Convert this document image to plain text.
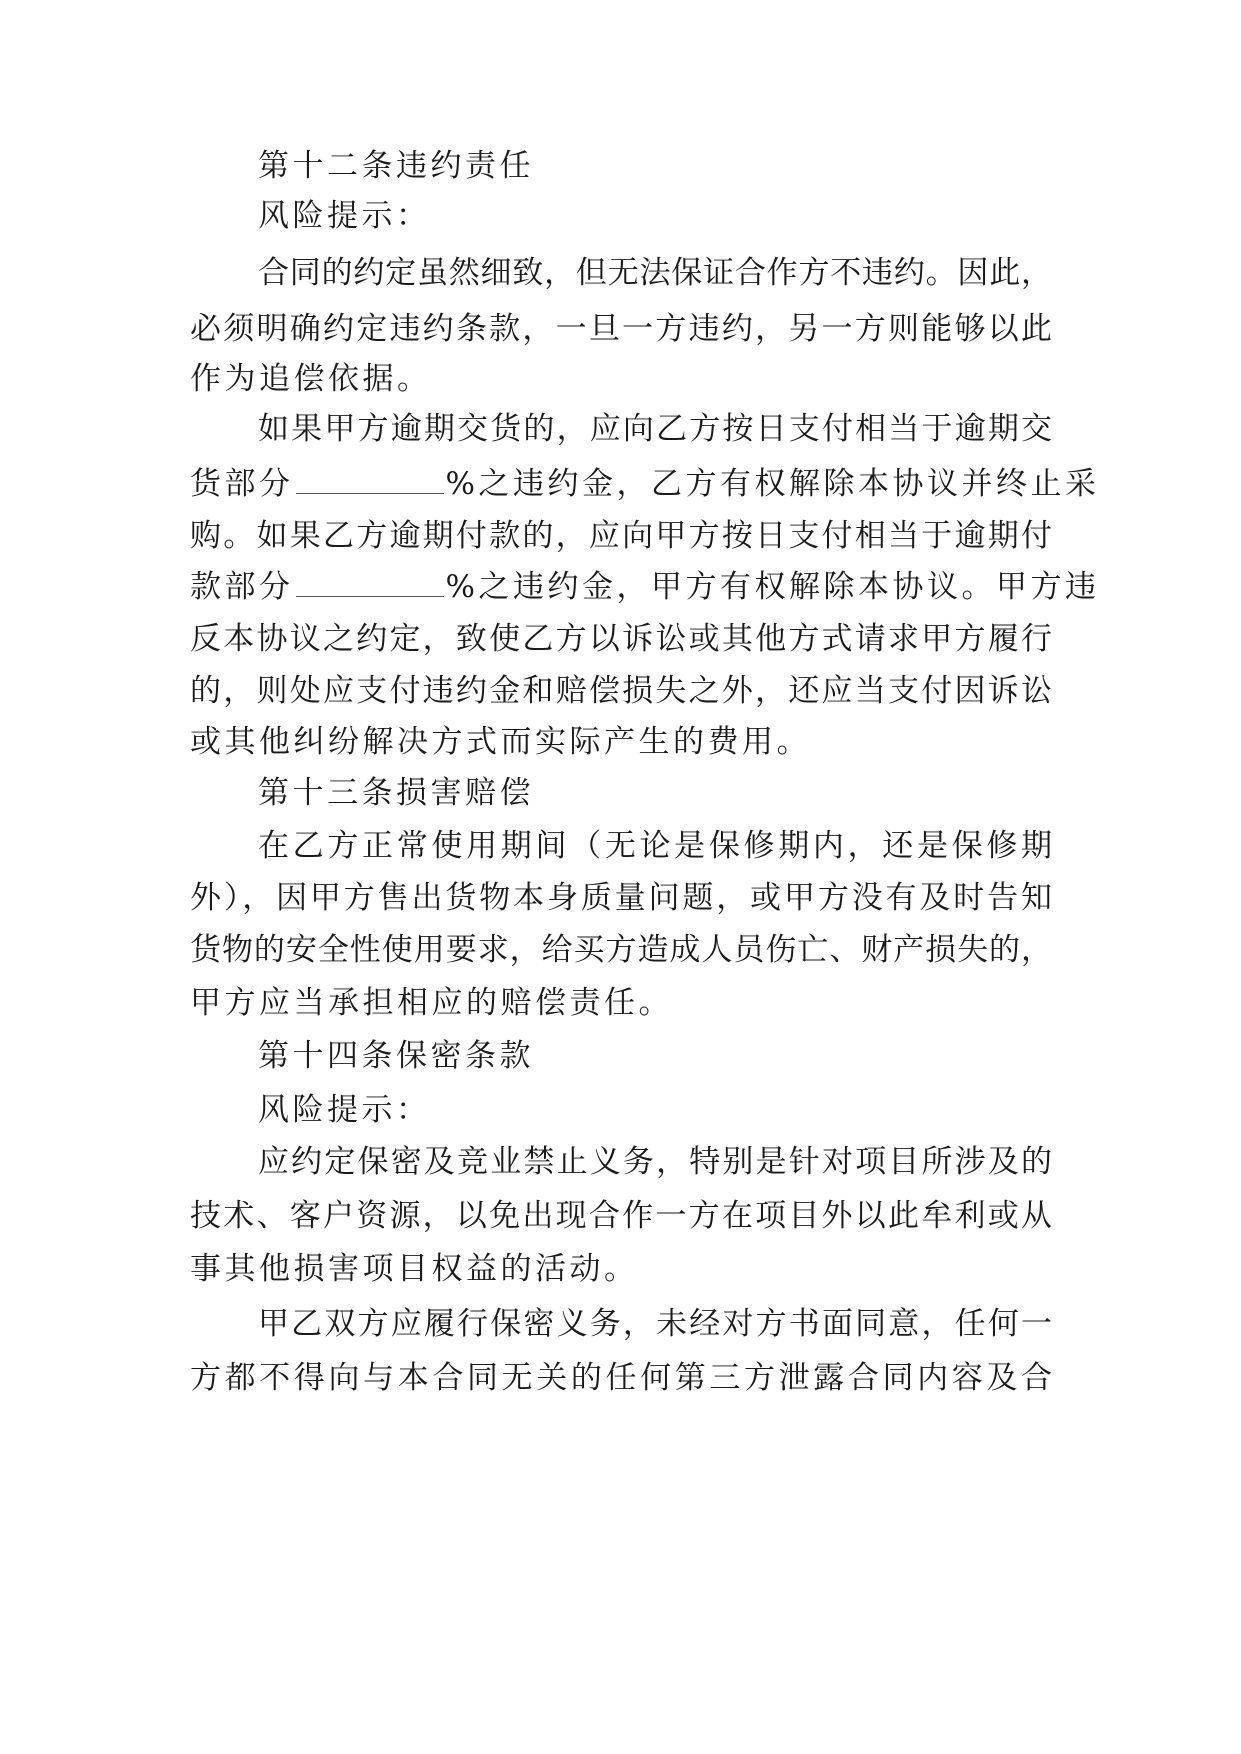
第十二条违约责任
风险提示：
合同的约定虽然细致，但无法保证合作方不违约。因此，
必须明确约定违约条款，一旦一方违约，另一方则能够以此
作为追偿依据。
如果甲方逾期交货的，应向乙方按日支付相当于逾期交
货部分	%之违约金，乙方有权解除本协议并终止采
购。如果乙方逾期付款的，应向甲方按日支付相当于逾期付
款部分	%之违约金，甲方有权解除本协议。甲方违
反本协议之约定，致使乙方以诉讼或其他方式请求甲方履行
的，则处应支付违约金和赔偿损失之外，还应当支付因诉讼
或其他纠纷解决方式而实际产生的费用。
第十三条损害赔偿
在乙方正常使用期间（无论是保修期内，还是保修期
外），因甲方售出货物本身质量问题，或甲方没有及时告知
货物的安全性使用要求，给买方造成人员伤亡、财产损失的，
甲方应当承担相应的赔偿责任。
第十四条保密条款
风险提示：
应约定保密及竞业禁止义务，特别是针对项目所涉及的
技术、客户资源，以免出现合作一方在项目外以此牟利或从
事其他损害项目权益的活动。
甲乙双方应履行保密义务，未经对方书面同意，任何一
方都不得向与本合同无关的任何第三方泄露合同内容及合
